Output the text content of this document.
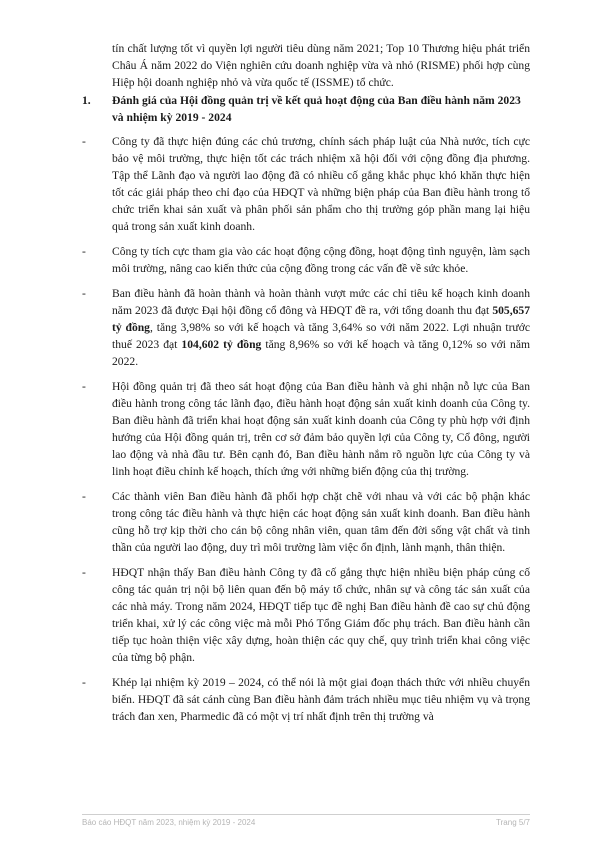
tín chất lượng tốt vì quyền lợi người tiêu dùng năm 2021; Top 10 Thương hiệu phát triển Châu Á năm 2022 do Viện nghiên cứu doanh nghiệp vừa và nhỏ (RISME) phối hợp cùng Hiệp hội doanh nghiệp nhỏ và vừa quốc tế (ISSME) tổ chức.

1. Đánh giá của Hội đồng quản trị về kết quả hoạt động của Ban điều hành năm 2023 và nhiệm kỳ 2019 - 2024
- Công ty đã thực hiện đúng các chủ trương, chính sách pháp luật của Nhà nước, tích cực bảo vệ môi trường, thực hiện tốt các trách nhiệm xã hội đối với cộng đồng địa phương. Tập thể Lãnh đạo và người lao động đã có nhiều cố gắng khắc phục khó khăn thực hiện tốt các giải pháp theo chỉ đạo của HĐQT và những biện pháp của Ban điều hành trong tổ chức triển khai sản xuất và phân phối sản phẩm cho thị trường góp phần mang lại hiệu quả trong sản xuất kinh doanh.
- Công ty tích cực tham gia vào các hoạt động cộng đồng, hoạt động tình nguyện, làm sạch môi trường, nâng cao kiến thức của cộng đồng trong các vấn đề về sức khỏe.
- Ban điều hành đã hoàn thành và hoàn thành vượt mức các chỉ tiêu kế hoạch kinh doanh năm 2023 đã được Đại hội đồng cổ đông và HĐQT đề ra, với tổng doanh thu đạt 505,657 tỷ đồng, tăng 3,98% so với kế hoạch và tăng 3,64% so với năm 2022. Lợi nhuận trước thuế 2023 đạt 104,602 tỷ đồng tăng 8,96% so với kế hoạch và tăng 0,12% so với năm 2022.
- Hội đồng quản trị đã theo sát hoạt động của Ban điều hành và ghi nhận nỗ lực của Ban điều hành trong công tác lãnh đạo, điều hành hoạt động sản xuất kinh doanh của Công ty. Ban điều hành đã triển khai hoạt động sản xuất kinh doanh của Công ty phù hợp với định hướng của Hội đồng quản trị, trên cơ sở đảm bảo quyền lợi của Công ty, Cổ đông, người lao động và nhà đầu tư. Bên cạnh đó, Ban điều hành nắm rõ nguồn lực của Công ty và linh hoạt điều chỉnh kế hoạch, thích ứng với những biến động của thị trường.
- Các thành viên Ban điều hành đã phối hợp chặt chẽ với nhau và với các bộ phận khác trong công tác điều hành và thực hiện các hoạt động sản xuất kinh doanh. Ban điều hành cũng hỗ trợ kịp thời cho cán bộ công nhân viên, quan tâm đến đời sống vật chất và tinh thần của người lao động, duy trì môi trường làm việc ổn định, lành mạnh, thân thiện.
- HĐQT nhận thấy Ban điều hành Công ty đã cố gắng thực hiện nhiều biện pháp củng cố công tác quản trị nội bộ liên quan đến bộ máy tổ chức, nhân sự và công tác sản xuất của các nhà máy. Trong năm 2024, HĐQT tiếp tục đề nghị Ban điều hành đề cao sự chủ động triển khai, xử lý các công việc mà mỗi Phó Tổng Giám đốc phụ trách. Ban điều hành cần tiếp tục hoàn thiện việc xây dựng, hoàn thiện các quy chế, quy trình triển khai công việc của từng bộ phận.
- Khép lại nhiệm kỳ 2019 – 2024, có thể nói là một giai đoạn thách thức với nhiều chuyển biến. HĐQT đã sát cánh cùng Ban điều hành đảm trách nhiều mục tiêu nhiệm vụ và trọng trách đan xen, Pharmedic đã có một vị trí nhất định trên thị trường và
Báo cáo HĐQT năm 2023, nhiệm kỳ 2019 - 2024	Trang 5/7
